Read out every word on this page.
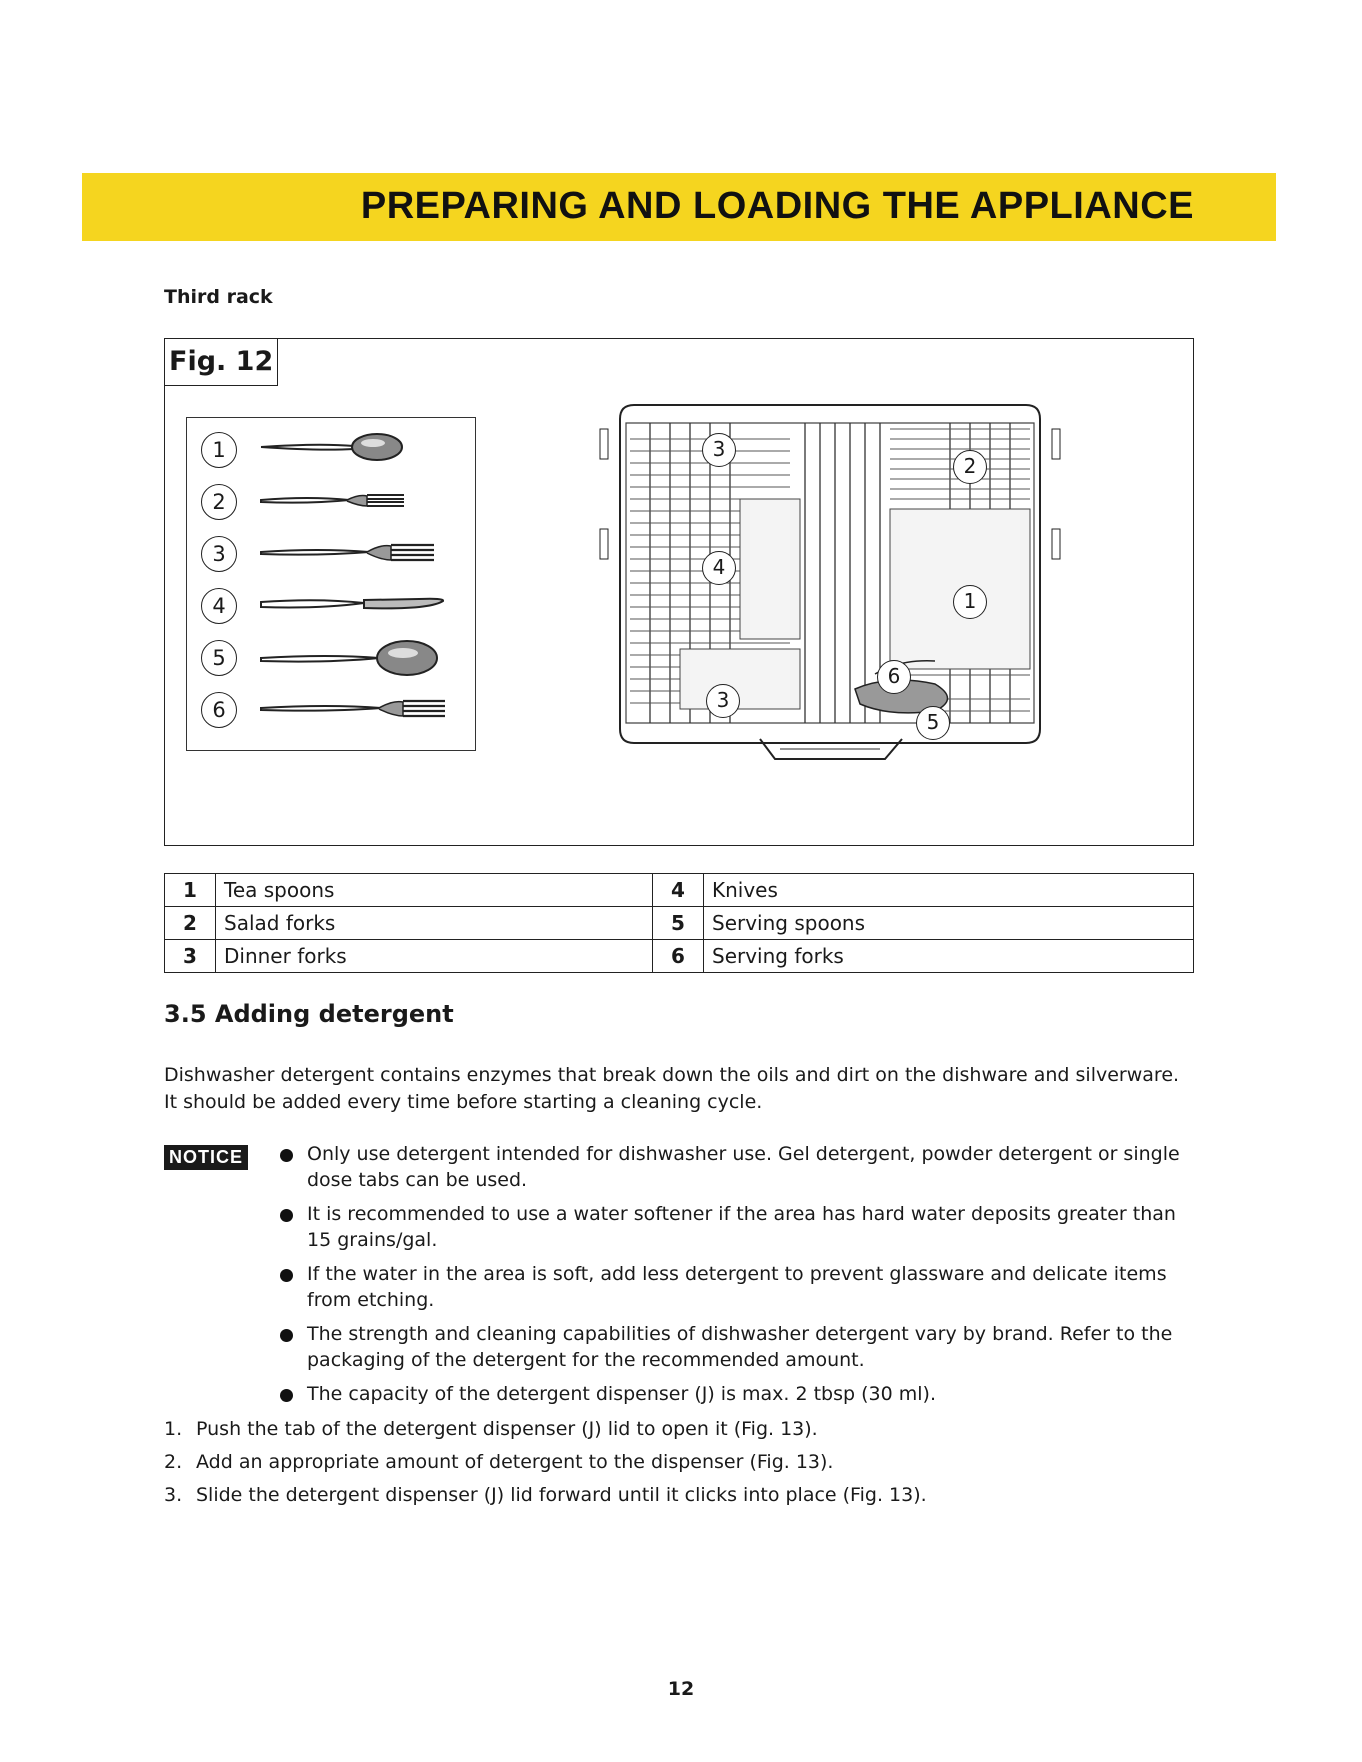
PREPARING AND LOADING THE APPLIANCE
Third rack
Fig. 12
1
2
3
4
5
6
3
2
4
1
6
3
5
1	Tea spoons	4	Knives
2	Salad forks	5	Serving spoons
3	Dinner forks	6	Serving forks
3.5 Adding detergent
Dishwasher detergent contains enzymes that break down the oils and dirt on the dishware and silverware. It should be added every time before starting a cleaning cycle.
NOTICE	Only use detergent intended for dishwasher use. Gel detergent, powder detergent or single dose tabs can be used.
It is recommended to use a water softener if the area has hard water deposits greater than 15 grains/gal.
If the water in the area is soft, add less detergent to prevent glassware and delicate items from etching.
The strength and cleaning capabilities of dishwasher detergent vary by brand. Refer to the packaging of the detergent for the recommended amount.
The capacity of the detergent dispenser (J) is max. 2 tbsp (30 ml).
1. Push the tab of the detergent dispenser (J) lid to open it (Fig. 13).
2. Add an appropriate amount of detergent to the dispenser (Fig. 13).
3. Slide the detergent dispenser (J) lid forward until it clicks into place (Fig. 13).
12
